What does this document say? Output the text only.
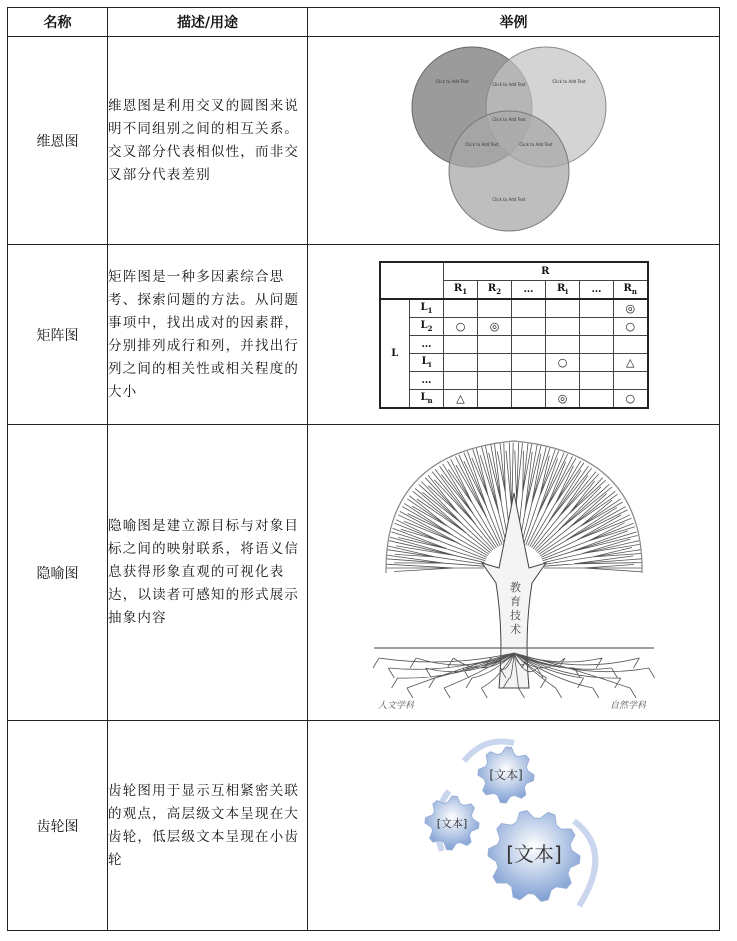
名称	描述/用途	举例
维恩图	维恩图是利用交叉的圆图来说明不同组别之间的相互关系。交叉部分代表相似性，而非交叉部分代表差别	
Click to Add Text
Click to Add Text
Click to Add Text
Click to Add Text
Click to Add Text	Click to Add Text
Click to Add Text

矩阵图	矩阵图是一种多因素综合思考、探索问题的方法。从问题事项中，找出成对的因素群，分别排列成行和列，并找出行列之间的相关性或相关程度的大小	
	R
$R_1$	$R_2$	…	$R_i$	…	$R_n$
L	$L_1$						◎
$L_2$	○	◎				○
…						
$L_i$				○		△
…						
$L_n$	△			◎		○

隐喻图	隐喻图是建立源目标与对象目标之间的映射联系，将语义信息获得形象直观的可视化表达，以读者可感知的形式展示抽象内容	
教育技术
人文学科	自然学科

齿轮图	齿轮图用于显示互相紧密关联的观点，高层级文本呈现在大齿轮，低层级文本呈现在小齿轮	
[文本]
[文本]
[文本]
